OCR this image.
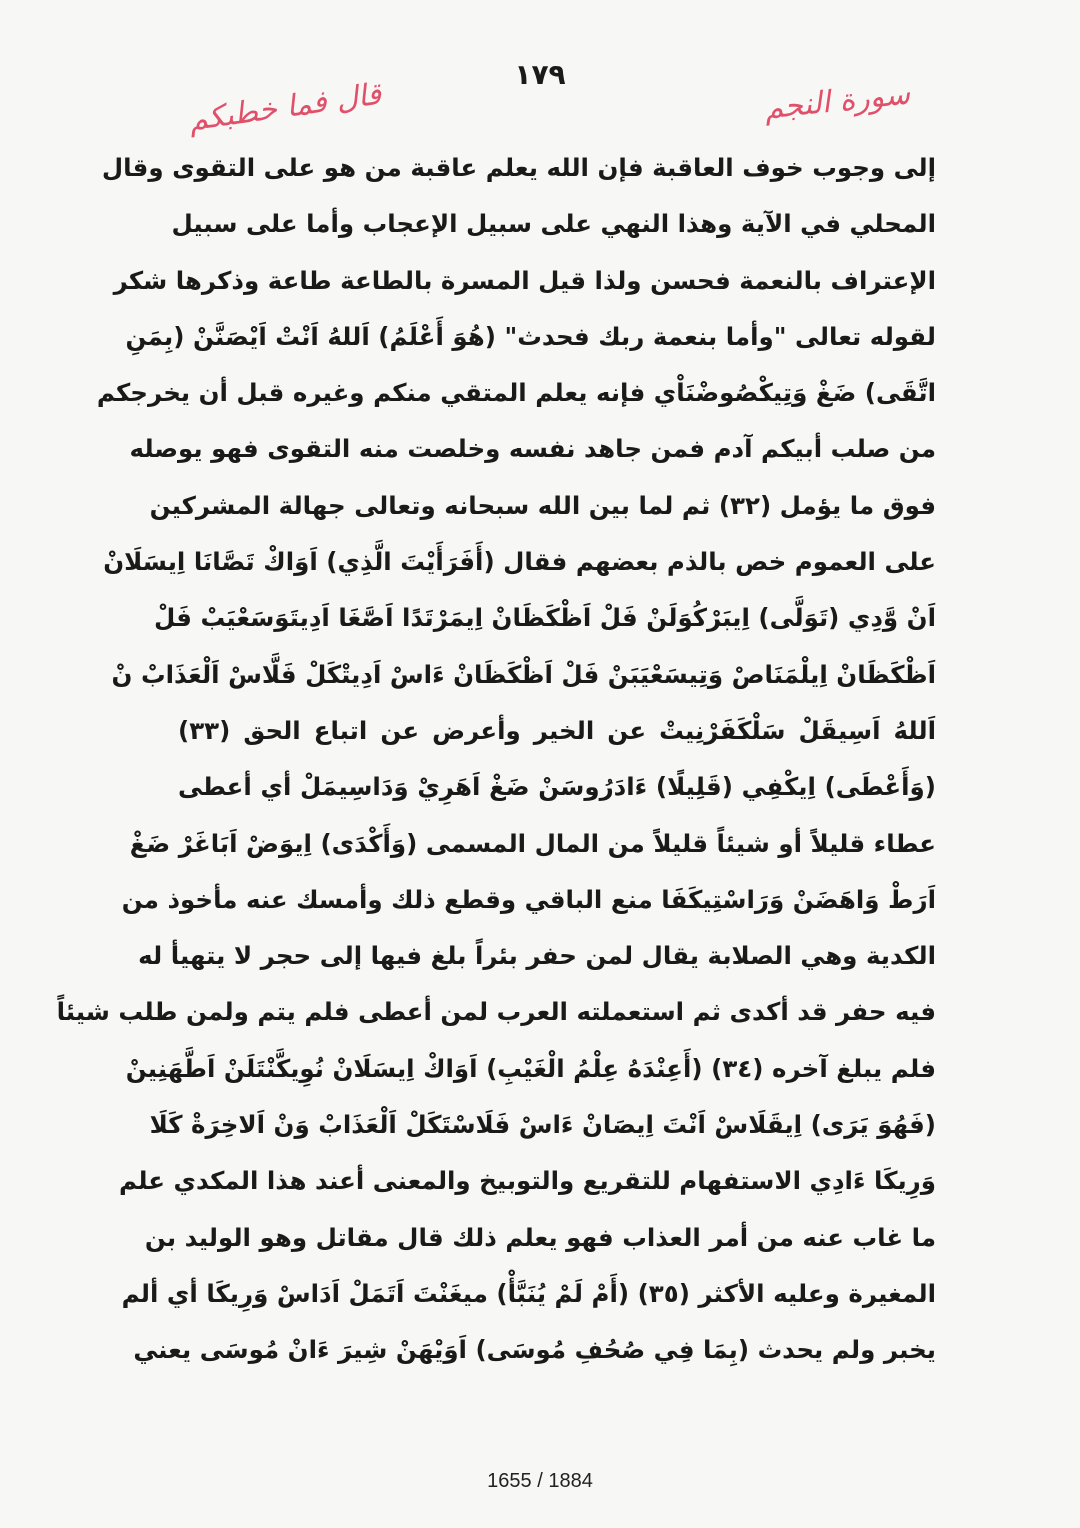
١٧٩
سورة النجم
قال فما خطبكم
إلى وجوب خوف العاقبة فإن الله يعلم عاقبة من هو على التقوى وقال
المحلي في الآية وهذا النهي على سبيل الإعجاب وأما على سبيل
الإعتراف بالنعمة فحسن ولذا قيل المسرة بالطاعة طاعة وذكرها شكر
لقوله تعالى "وأما بنعمة ربك فحدث" (هُوَ أَعْلَمُ) اَللهُ اَنْتْ اَيْصَنَّنْ (بِمَنِ
اتَّقَى) ضَغْ وَتِيكْصُوضْنَاْي فإنه يعلم المتقي منكم وغيره قبل أن يخرجكم
من صلب أبيكم آدم فمن جاهد نفسه وخلصت منه التقوى فهو يوصله
فوق ما يؤمل (٣٢) ثم لما بين الله سبحانه وتعالى جهالة المشركين
على العموم خص بالذم بعضهم فقال (أَفَرَأَيْتَ الَّذِي) اَوَاكْ تَصَّانَا اِيسَلَانْ
اَنْ وَّدِي (تَوَلَّى) اِيبَرْكُوَلَنْ فَلْ اَظْكَظَانْ اِيمَرْتَدًا اَصَّغَا اَدِيتَوَسَعْيَبْ فَلْ
اَظْكَظَانْ اِيلْمَنَاصْ وَتِيسَعْيَبَنْ فَلْ اَظْكَظَانْ ءَاسْ اَدِيتْكَلْ فَلَّاسْ اَلْعَذَابْ نْ
اَللهُ اَسِيقَلْ سَلْكَفَرْنِيتْ عن الخير وأعرض عن اتباع الحق (٣٣)
(وَأَعْطَى) اِيكْفِي (قَلِيلًا) ءَادَرُوسَنْ ضَغْ اَهَرِيْ وَدَاسِيمَلْ أي أعطى
عطاء قليلاً أو شيئاً قليلاً من المال المسمى (وَأَكْدَى) اِيوَضْ اَبَاغَرْ ضَغْ
اَرَطْ وَاهَضَنْ وَرَاسْتِيكَفَا منع الباقي وقطع ذلك وأمسك عنه مأخوذ من
الكدية وهي الصلابة يقال لمن حفر بئراً بلغ فيها إلى حجر لا يتهيأ له
فيه حفر قد أكدى ثم استعملته العرب لمن أعطى فلم يتم ولمن طلب شيئاً
فلم يبلغ آخره (٣٤) (أَعِنْدَهُ عِلْمُ الْغَيْبِ) اَوَاكْ اِيسَلَانْ نُوِيكَّنْتَلَنْ اَطَّهَنِينْ
(فَهُوَ يَرَى) اِيقَلَاسْ اَنْتَ اِيصَانْ ءَاسْ فَلَاسْتَكَلْ اَلْعَذَابْ وَنْ اَلاخِرَةْ كَلَا
وَرِيكَا ءَادِي الاستفهام للتقريع والتوبيخ والمعنى أعند هذا المكدي علم
ما غاب عنه من أمر العذاب فهو يعلم ذلك قال مقاتل وهو الوليد بن
المغيرة وعليه الأكثر (٣٥) (أَمْ لَمْ يُنَبَّأْ) ميغَنْتَ اَتَمَلْ اَدَاسْ وَرِيكَا أي ألم
يخبر ولم يحدث (بِمَا فِي صُحُفِ مُوسَى) اَوَيْهَنْ شِيرَ ءَانْ مُوسَى يعني
1655 / 1884
